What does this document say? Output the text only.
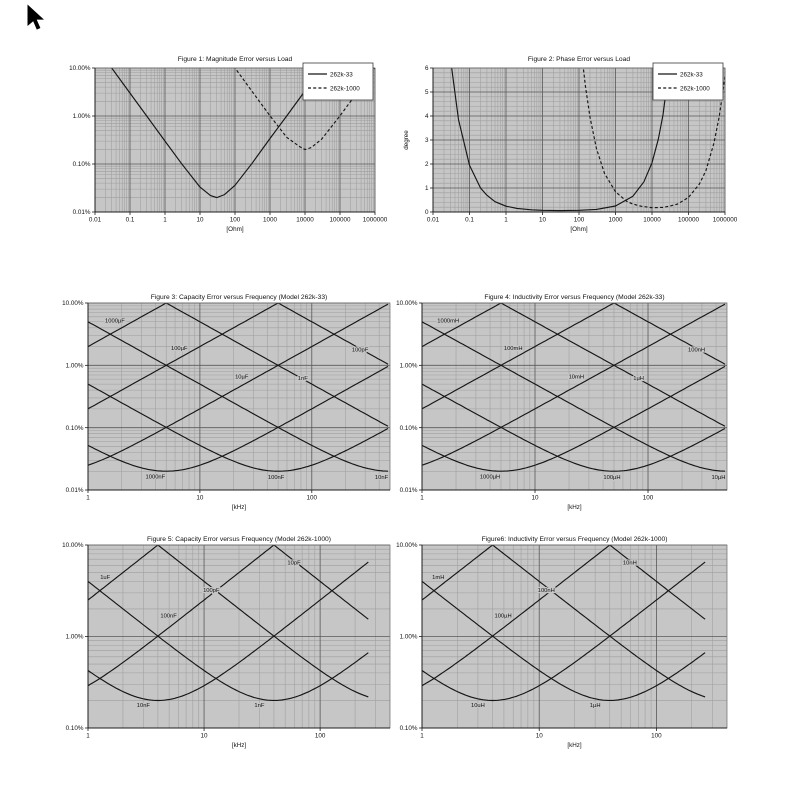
0.01	0.1	1	10	100	1000	10000 100000 1000000
[Ohm]
10.00%
1.00%
0.10%
0.01%
262k-33
262k-1000
Figure 1: Magnitude Error versus Load
0.01	0.1	1	10	100	1000	10000	100000 1000000
[Ohm]
6
5
4
3
2
1
0
degree
262k-33
262k-1000
Figure 2: Phase Error versus Load
1000µF
100µF
10µF
1000nF	100nF	10nF
1nF
100pF
1	10	100
[kHz]
10.00%
1.00%
0.10%
0.01%
Figure 3: Capacity Error versus Frequency (Model 262k-33)
1000mH
100mH
10mH
1000µH	100µH	10µH
1µH
100nH
1	10	100
[kHz]
10.00%
1.00%
0.10%
0.01%
Figure 4: Inductivity Error versus Frequency (Model 262k-33)
1uF
100nF
10nF	1nF
100pF
10pF
1	10	100
[kHz]
10.00%
1.00%
0.10%
Figure 5: Capacity Error versus Frequency (Model 262k-1000)
1mH
100µH
10uH	1µH
100nH
10nH
1	10	100
[kHz]
10.00%
1.00%
0.10%
Figure6: Inductivity Error versus Frequency (Model 262k-1000)
